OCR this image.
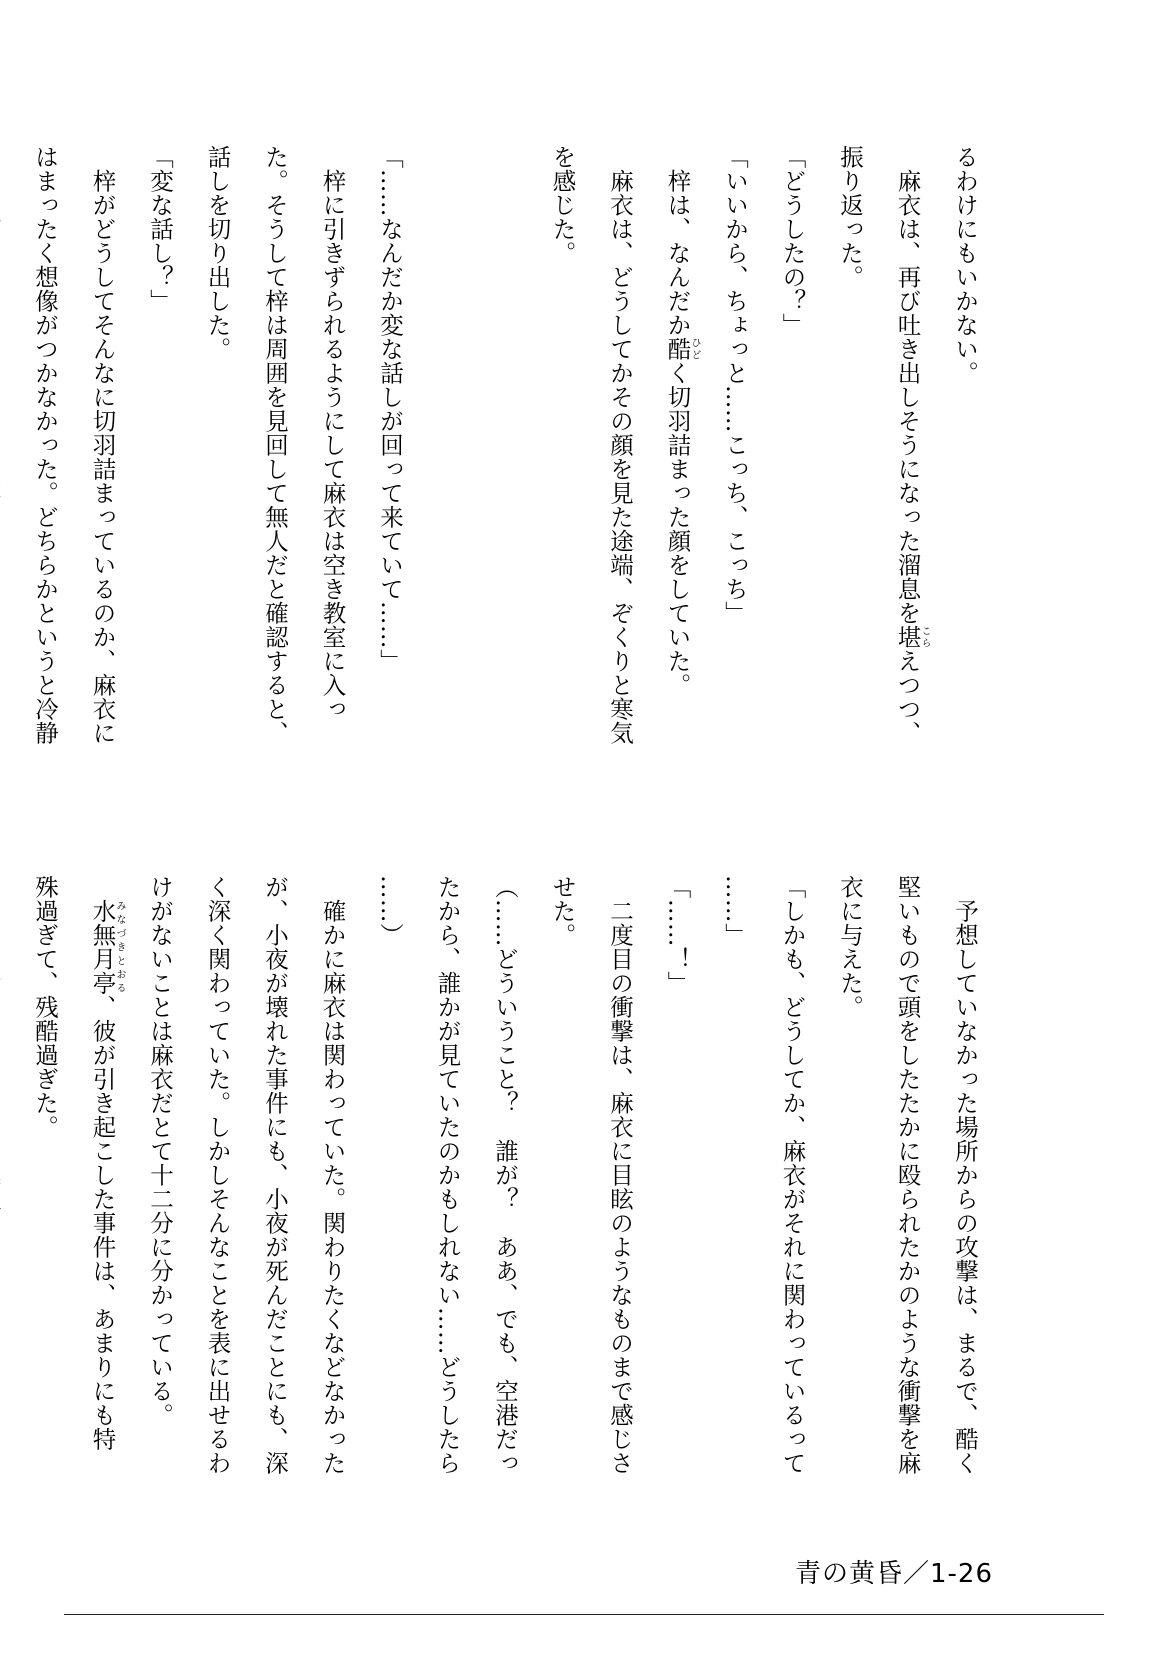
るわけにもいかない。
　麻衣は、再び吐き出しそうになった溜息を堪こらえつつ、
振り返った。
「どうしたの？」
「いいから、ちょっと……こっち、こっち」
　梓は、なんだか酷ひどく切羽詰まった顔をしていた。
　麻衣は、どうしてかその顔を見た途端、ぞくりと寒気
を感じた。

「……なんだか変な話しが回って来ていて……」
　梓に引きずられるようにして麻衣は空き教室に入っ
た。そうして梓は周囲を見回して無人だと確認すると、
話しを切り出した。
「変な話し？」
　梓がどうしてそんなに切羽詰まっているのか、麻衣に
はまったく想像がつかなかった。どちらかというと冷静
　予想していなかった場所からの攻撃は、まるで、酷く
堅いもので頭をしたたかに殴られたかのような衝撃を麻
衣に与えた。
「しかも、どうしてか、麻衣がそれに関わっているって
……」
「……！」
　二度目の衝撃は、麻衣に目眩のようなものまで感じさ
せた。
（……どういうこと？　誰が？　ああ、でも、空港だっ
たから、誰かが見ていたのかもしれない……どうしたら
……）
　確かに麻衣は関わっていた。関わりたくなどなかった
が、小夜が壊れた事件にも、小夜が死んだことにも、深
く深く関わっていた。しかしそんなことを表に出せるわ
けがないことは麻衣だとて十二分に分かっている。
　水無月亭みなづきとおる、彼が引き起こした事件は、あまりにも特
殊過ぎて、残酷過ぎた。
青の黄昏／1-26
